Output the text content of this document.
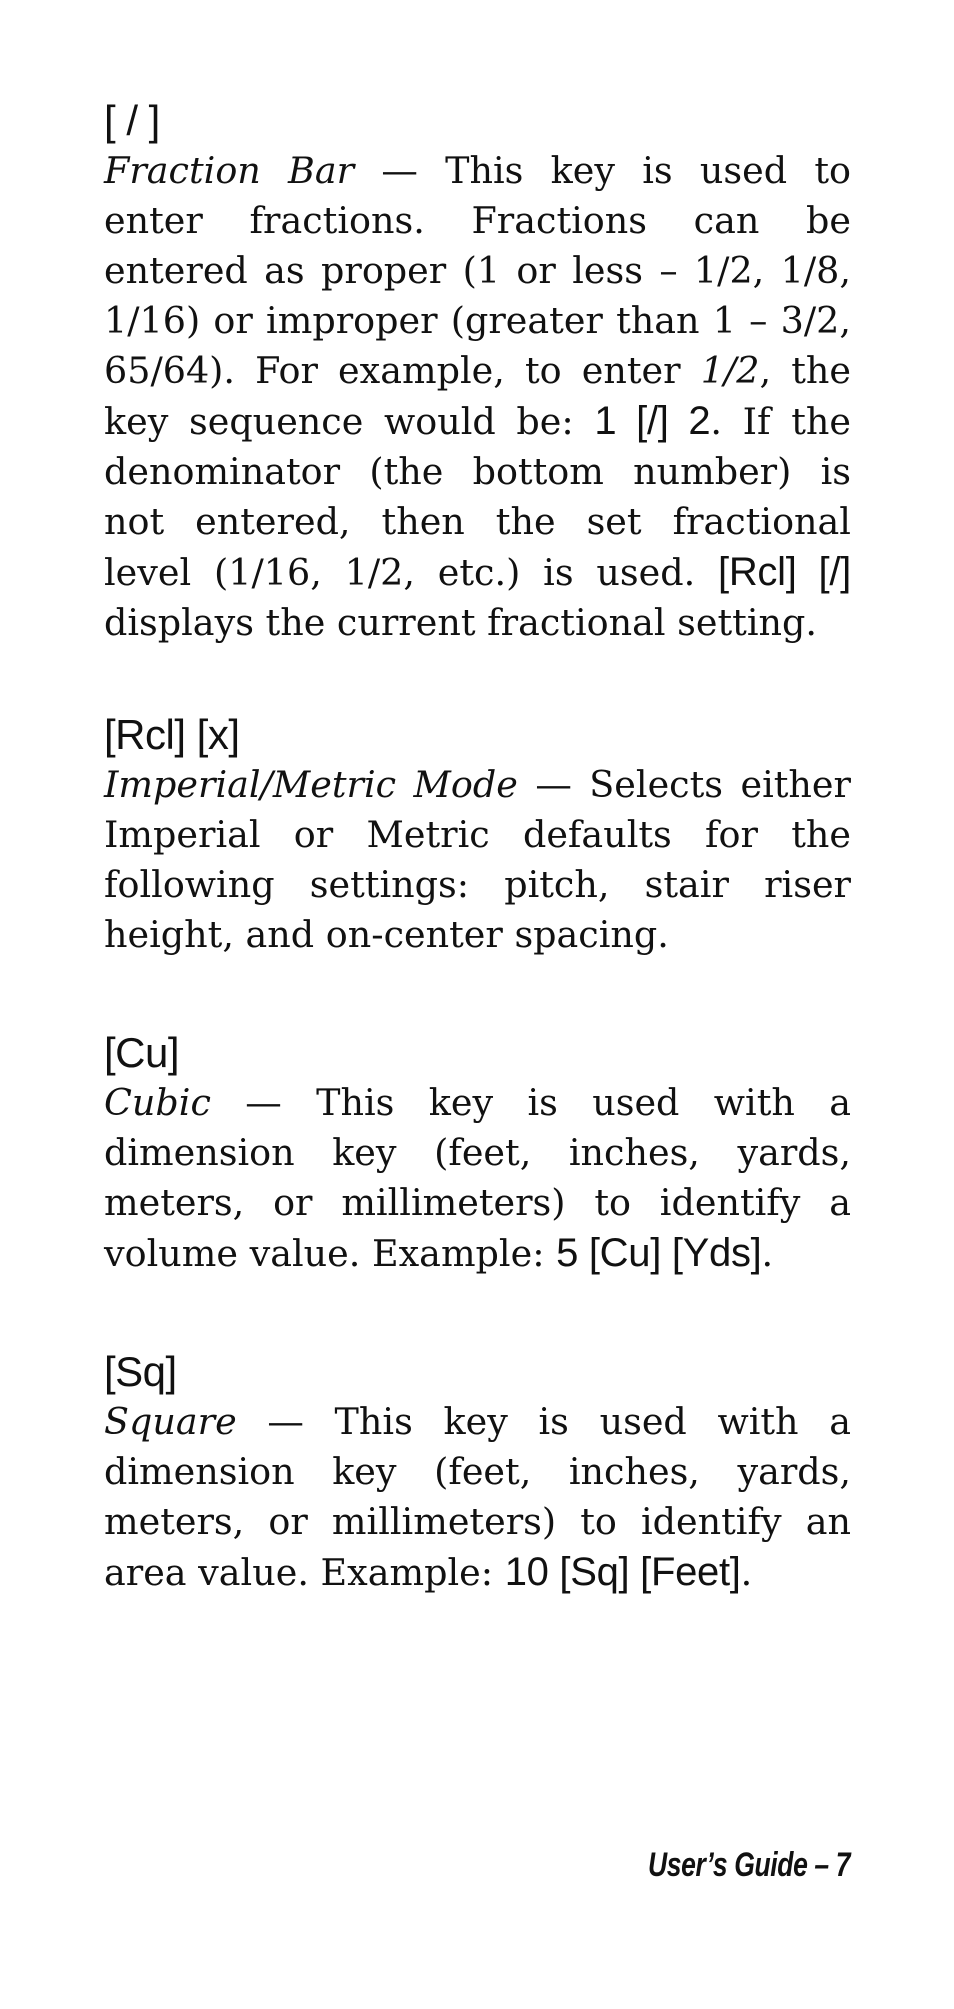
[ / ]

Fraction Bar — This key is used to enter fractions. Fractions can be entered as proper (1 or less – 1/2, 1/8, 1/16) or improper (greater than 1 – 3/2, 65/64). For example, to enter 1/2, the key sequence would be: 1 [/] 2. If the denominator (the bottom number) is not entered, then the set fractional level (1/16, 1/2, etc.) is used. [Rcl] [/] displays the current fractional setting.

[Rcl] [x]

Imperial/Metric Mode — Selects either Imperial or Metric defaults for the following settings: pitch, stair riser height, and on-center spacing.

[Cu]

Cubic — This key is used with a dimension key (feet, inches, yards, meters, or millimeters) to identify a volume value. Example: 5 [Cu] [Yds].

[Sq]

Square — This key is used with a dimension key (feet, inches, yards, meters, or millimeters) to identify an area value. Example: 10 [Sq] [Feet].

User’s Guide – 7
